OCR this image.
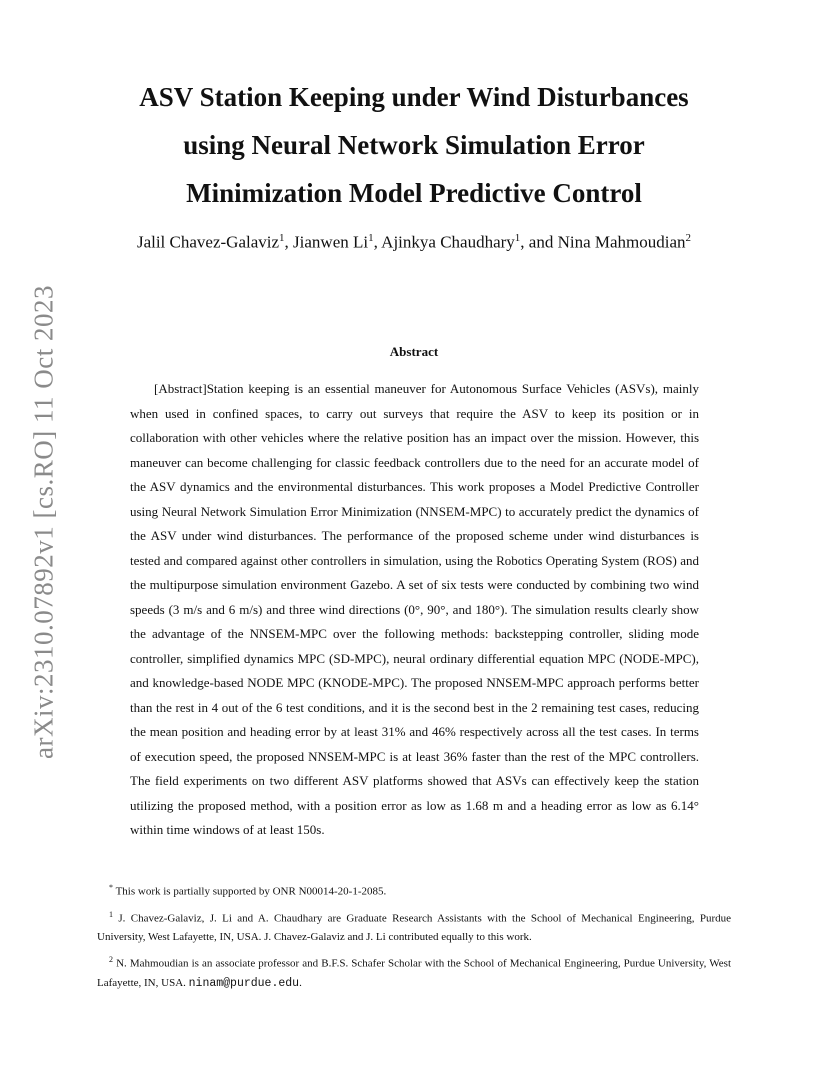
arXiv:2310.07892v1 [cs.RO] 11 Oct 2023
ASV Station Keeping under Wind Disturbances
using Neural Network Simulation Error
Minimization Model Predictive Control
Jalil Chavez-Galaviz$^1$, Jianwen Li$^1$, Ajinkya Chaudhary$^1$, and Nina Mahmoudian$^2$
Abstract
[Abstract]Station keeping is an essential maneuver for Autonomous Surface Vehicles (ASVs), mainly when used in confined spaces, to carry out surveys that require the ASV to keep its position or in collaboration with other vehicles where the relative position has an impact over the mission. However, this maneuver can become challenging for classic feedback controllers due to the need for an accurate model of the ASV dynamics and the environmental disturbances. This work proposes a Model Predictive Controller using Neural Network Simulation Error Minimization (NNSEM-MPC) to accurately predict the dynamics of the ASV under wind disturbances. The performance of the proposed scheme under wind disturbances is tested and compared against other controllers in simulation, using the Robotics Operating System (ROS) and the multipurpose simulation environment Gazebo. A set of six tests were conducted by combining two wind speeds (3 m/s and 6 m/s) and three wind directions (0°, 90°, and 180°). The simulation results clearly show the advantage of the NNSEM-MPC over the following methods: backstepping controller, sliding mode controller, simplified dynamics MPC (SD-MPC), neural ordinary differential equation MPC (NODE-MPC), and knowledge-based NODE MPC (KNODE-MPC). The proposed NNSEM-MPC approach performs better than the rest in 4 out of the 6 test conditions, and it is the second best in the 2 remaining test cases, reducing the mean position and heading error by at least 31% and 46% respectively across all the test cases. In terms of execution speed, the proposed NNSEM-MPC is at least 36% faster than the rest of the MPC controllers. The field experiments on two different ASV platforms showed that ASVs can effectively keep the station utilizing the proposed method, with a position error as low as 1.68 m and a heading error as low as 6.14° within time windows of at least 150s.

* This work is partially supported by ONR N00014-20-1-2085.

$^1$ J. Chavez-Galaviz, J. Li and A. Chaudhary are Graduate Research Assistants with the School of Mechanical Engineering, Purdue University, West Lafayette, IN, USA. J. Chavez-Galaviz and J. Li contributed equally to this work.

$^2$ N. Mahmoudian is an associate professor and B.F.S. Schafer Scholar with the School of Mechanical Engineering, Purdue University, West Lafayette, IN, USA. ninam@purdue.edu.
